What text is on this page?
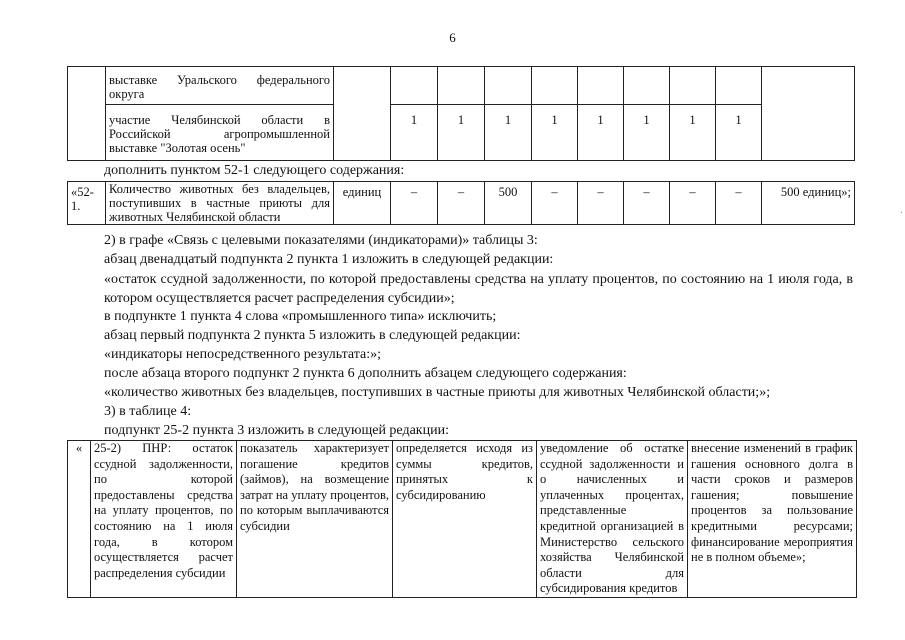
6
	выставке Уральского федерального округа										
	участие Челябинской области в Российской агропромышленной выставке "Золотая осень"		1	1	1	1	1	1	1	1	
дополнить пунктом 52-1 следующего содержания:
«52-1.	Количество животных без владельцев, поступивших в частные приюты для животных Челябинской области	единиц	–	–	500	–	–	–	–	–	500 единиц»;
2) в графе «Связь с целевыми показателями (индикаторами)» таблицы 3:
абзац двенадцатый подпункта 2 пункта 1 изложить в следующей редакции:
«остаток ссудной задолженности, по которой предоставлены средства на уплату процентов, по состоянию на 1 июля года, в котором осуществляется расчет распределения субсидии»;
в подпункте 1 пункта 4 слова «промышленного типа» исключить;
абзац первый подпункта 2 пункта 5 изложить в следующей редакции:
«индикаторы непосредственного результата:»;
после абзаца второго подпункт 2 пункта 6 дополнить абзацем следующего содержания:
«количество животных без владельцев, поступивших в частные приюты для животных Челябинской области;»;
3) в таблице 4:
подпункт 25-2 пункта 3 изложить в следующей редакции:
«	25-2) ПНР: остаток ссудной задолженности, по которой предоставлены средства на уплату процентов, по состоянию на 1 июля года, в котором осуществляется расчет распределения субсидии	показатель характеризует погашение кредитов (займов), на возмещение затрат на уплату процентов, по которым выплачиваются субсидии	определяется исходя из суммы кредитов, принятых к субсидированию	уведомление об остатке ссудной задолженности и о начисленных и уплаченных процентах, представленные кредитной организацией в Министерство сельского хозяйства Челябинской области для субсидирования кредитов	внесение изменений в график гашения основного долга в части сроков и размеров гашения; повышение процентов за пользование кредитными ресурсами; финансирование мероприятия не в полном объеме»;
·
